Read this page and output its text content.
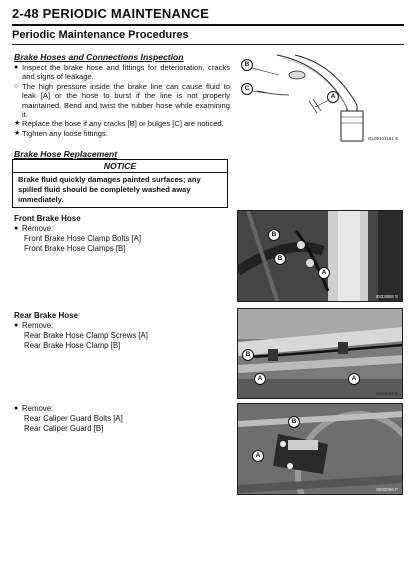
2-48 PERIODIC MAINTENANCE
Periodic Maintenance Procedures
Brake Hoses and Connections Inspection
● Inspect the brake hose and fittings for deterioration, cracks and signs of leakage.
○ The high pressure inside the brake line can cause fluid to leak [A] or the hose to burst if the line is not properly maintained. Bend and twist the rubber hose while examining it.
★ Replace the hose if any cracks [B] or bulges [C] are noticed.
★ Tighten any loose fittings.
B
C
A
GL06101161 S
Brake Hose Replacement
NOTICE
Brake fluid quickly damages painted surfaces; any spilled fluid should be completely washed away immediately.
Front Brake Hose
● Remove:
Front Brake Hose Clamp Bolts [A]
Front Brake Hose Clamps [B]
B
B
A
I0I330B8 S
Rear Brake Hose
● Remove:
Rear Brake Hose Clamp Screws [A]
Rear Brake Hose Clamp [B]
B
A	A
I0I33069 S
● Remove:
Rear Caliper Guard Bolts [A]
Rear Caliper Guard [B]
B
A
I0I33066 P
